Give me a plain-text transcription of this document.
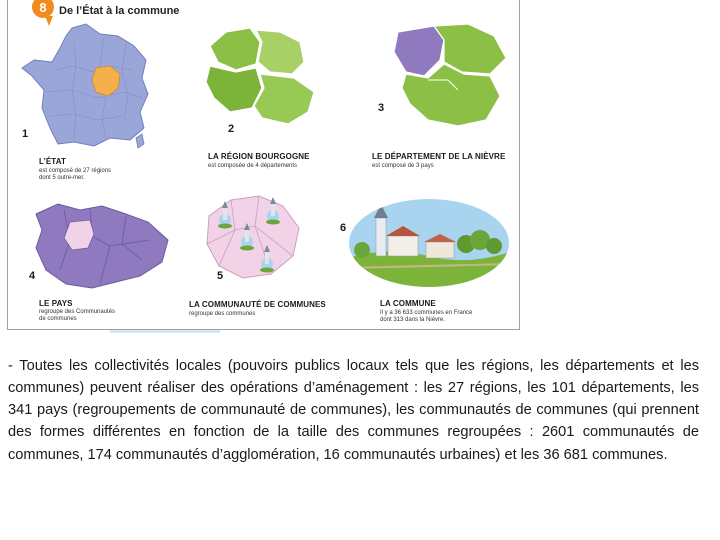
8	De l’État à la commune
1
L’ÉTAT
est composé de 27 régions
dont 5 outre-mer.
2
LA RÉGION BOURGOGNE
est composée de 4 départements
3
LE DÉPARTEMENT DE LA NIÈVRE
est composé de 3 pays
4
LE PAYS
regroupe des Communautés
de communes
5
LA COMMUNAUTÉ DE COMMUNES
regroupe des communes
6
LA COMMUNE
Il y a 36 633 communes en France
dont 313 dans la Nièvre.

- Toutes les collectivités locales (pouvoirs publics locaux tels que les régions, les départements et les communes) peuvent réaliser des opérations d’aménagement : les 27 régions, les 101 départements, les 341 pays (regroupements de communauté de communes), les communautés de communes (qui prennent des formes différentes en fonction de la taille des communes regroupées : 2601 communautés de communes, 174 communautés d’agglomération, 16 communautés urbaines) et les 36 681 communes.
